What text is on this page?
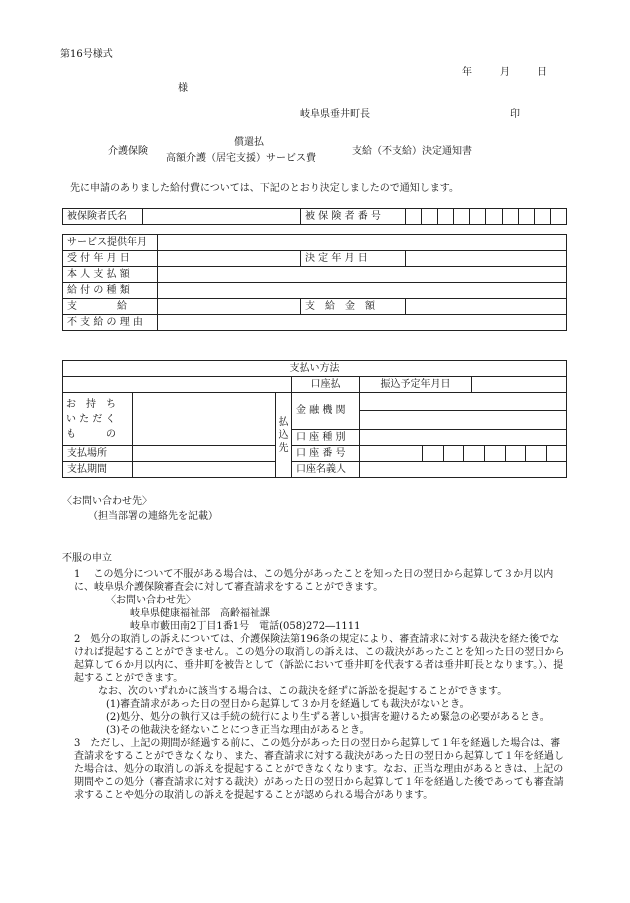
第16号様式
年	月	日
様
岐阜県垂井町長	印
介護保険
償還払
高額介護（居宅支援）サービス費
支給（不支給）決定通知書
先に申請のありました給付費については、下記のとおり決定しましたので通知します。
被保険者氏名		被 保 険 者 番 号

サービス提供年月			
受 付 年 月 日		決 定 年 月 日	
本 人 支 払 額			
給 付 の 種 類			
支　　　　給		支　給　金　額	
不 支 給 の 理 由			
支払い方法					
			口座払	振込予定年月日	

お　持　ち
い た だ く
も　　　の		払込先	金 融 機 関		

			口 座 種 別		
支払場所			口 座 番 号		

支払期間			口座名義人		
〈お問い合わせ先〉
（担当部署の連絡先を記載）
不服の申立

1　 この処分について不服がある場合は、この処分があったことを知った日の翌日から起算して３か月以内に、岐阜県介護保険審査会に対して審査請求をすることができます。

〈お問い合わせ先〉

岐阜県健康福祉部　高齢福祉課

岐阜市藪田南2丁目1番1号　電話(058)272―1111

2　処分の取消しの訴えについては、介護保険法第196条の規定により、審査請求に対する裁決を経た後でなければ提起することができません。この処分の取消しの訴えは、この裁決があったことを知った日の翌日から起算して６か月以内に、垂井町を被告として（訴訟において垂井町を代表する者は垂井町長となります。）、提起することができます。

なお、次のいずれかに該当する場合は、この裁決を経ずに訴訟を提起することができます。

(1)審査請求があった日の翌日から起算して３か月を経過しても裁決がないとき。

(2)処分、処分の執行又は手続の続行により生ずる著しい損害を避けるため緊急の必要があるとき。

(3)その他裁決を経ないことにつき正当な理由があるとき。

3　ただし、上記の期間が経過する前に、この処分があった日の翌日から起算して１年を経過した場合は、審査請求をすることができなくなり、また、審査請求に対する裁決があった日の翌日から起算して１年を経過した場合は、処分の取消しの訴えを提起することができなくなります。なお、正当な理由があるときは、上記の期間やこの処分（審査請求に対する裁決）があった日の翌日から起算して１年を経過した後であっても審査請求することや処分の取消しの訴えを提起することが認められる場合があります。
